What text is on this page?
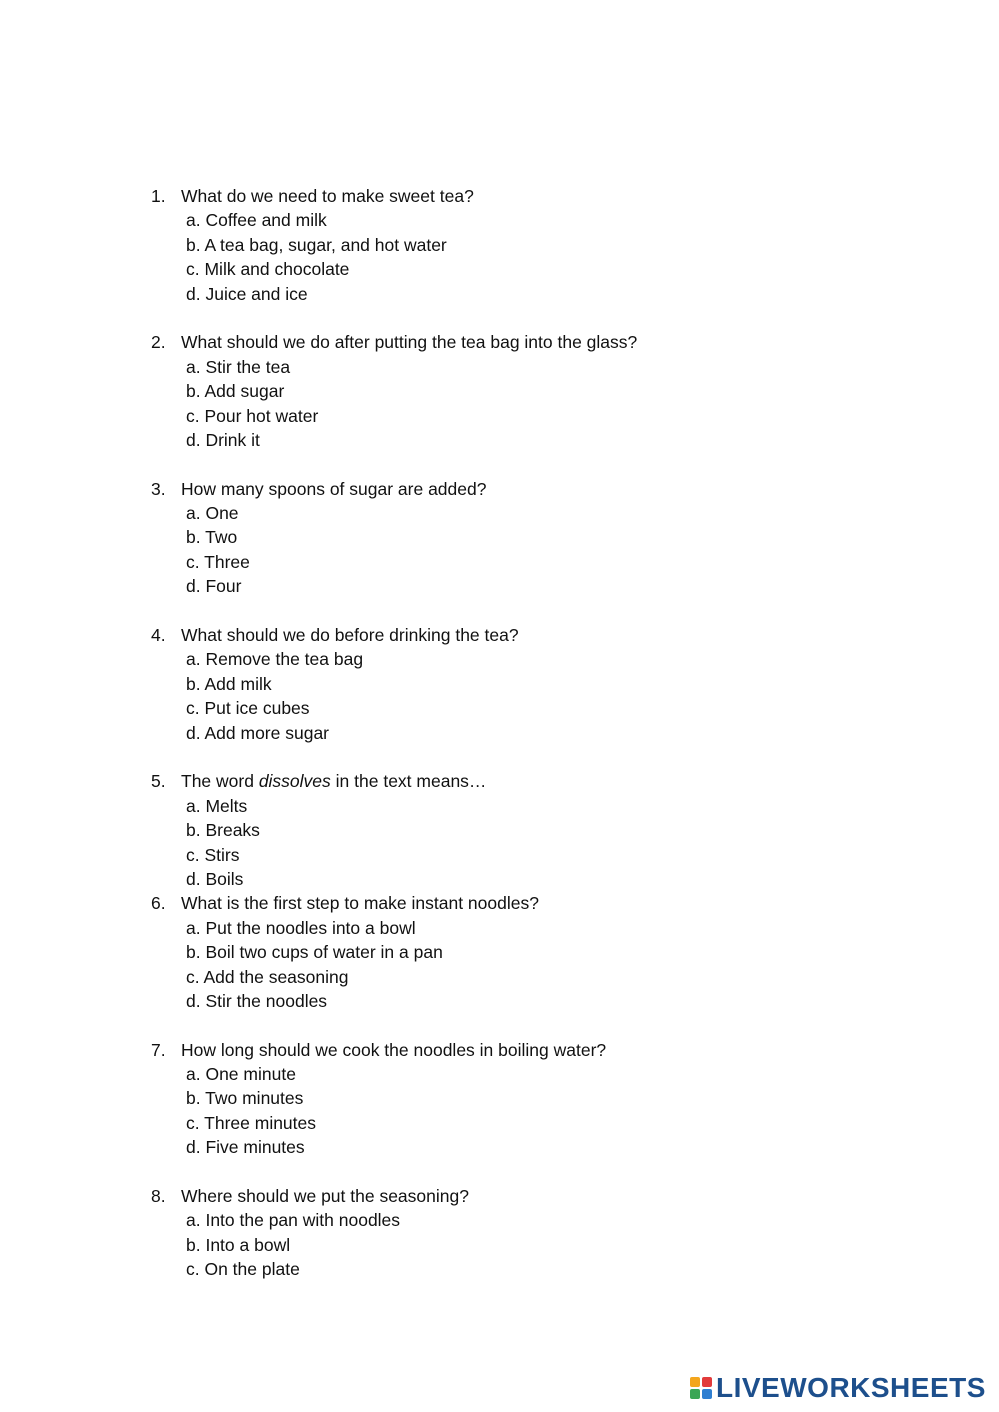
1. What do we need to make sweet tea?
a. Coffee and milk
b. A tea bag, sugar, and hot water
c. Milk and chocolate
d. Juice and ice
2. What should we do after putting the tea bag into the glass?
a. Stir the tea
b. Add sugar
c. Pour hot water
d. Drink it
3. How many spoons of sugar are added?
a. One
b. Two
c. Three
d. Four
4. What should we do before drinking the tea?
a. Remove the tea bag
b. Add milk
c. Put ice cubes
d. Add more sugar
5. The word dissolves in the text means…
a. Melts
b. Breaks
c. Stirs
d. Boils
6. What is the first step to make instant noodles?
a. Put the noodles into a bowl
b. Boil two cups of water in a pan
c. Add the seasoning
d. Stir the noodles
7. How long should we cook the noodles in boiling water?
a. One minute
b. Two minutes
c. Three minutes
d. Five minutes
8. Where should we put the seasoning?
a. Into the pan with noodles
b. Into a bowl
c. On the plate
LIVEWORKSHEETS
